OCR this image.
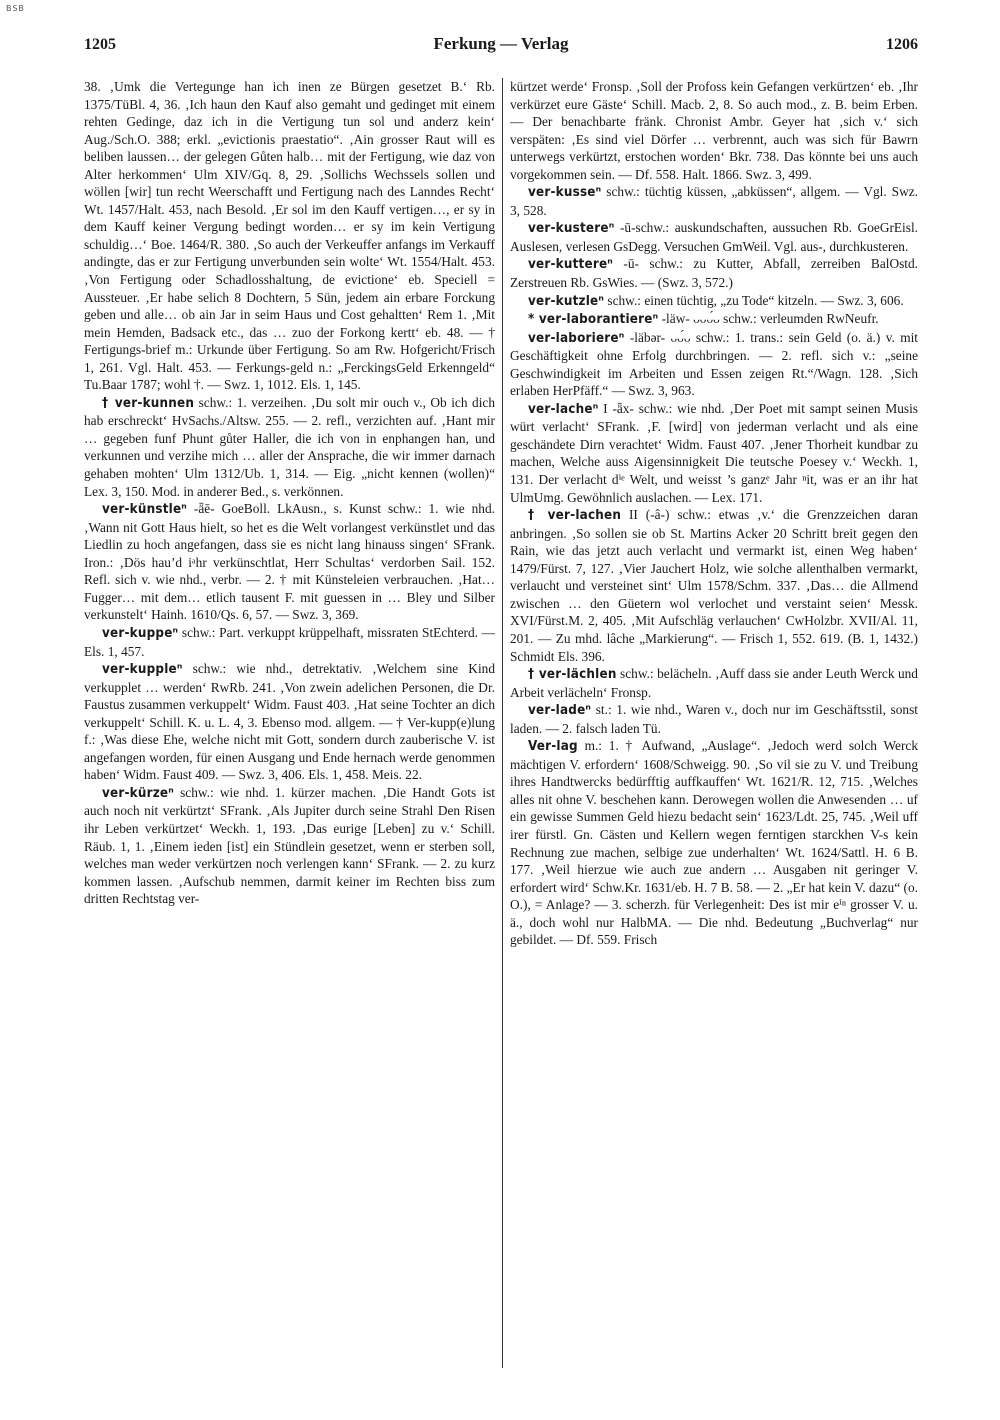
BSB
1205	Ferkung — Verlag	1206

38. ‚Umk die Vertegunge han ich inen ze Bürgen gesetzet B.‘ Rb. 1375/TüBl. 4, 36. ‚Ich haun den Kauf also gemaht und gedinget mit einem rehten Gedinge, daz ich in die Vertigung tun sol und anderz kein‘ Aug./Sch.O. 388; erkl. „evictionis praestatio“. ‚Ain grosser Raut will es beliben laussen… der gelegen Gůten halb… mit der Fertigung, wie daz von Alter herkommen‘ Ulm XIV/Gq. 8, 29. ‚Sollichs Wechssels sollen und wöllen [wir] tun recht Weerschafft und Fertigung nach des Lanndes Recht‘ Wt. 1457/Halt. 453, nach Besold. ‚Er sol im den Kauff vertigen…, er sy in dem Kauff keiner Vergung bedingt worden… er sy im kein Vertigung schuldig…‘ Boe. 1464/R. 380. ‚So auch der Verkeuffer anfangs im Verkauff andingte, das er zur Fertigung unverbunden sein wolte‘ Wt. 1554/Halt. 453. ‚Von Fertigung oder Schadlosshaltung, de evictione‘ eb. Speciell = Aussteuer. ‚Er habe selich 8 Dochtern, 5 Sün, jedem ain erbare Forckung geben und alle… ob ain Jar in seim Haus und Cost gehaltten‘ Rem 1. ‚Mit mein Hemden, Badsack etc., das … zuo der Forkong kertt‘ eb. 48. — † Fertigungs-brief m.: Urkunde über Fertigung. So am Rw. Hofgericht/Frisch 1, 261. Vgl. Halt. 453. — Ferkungs-geld n.: „FerckingsGeld Erkenngeld“ Tu.Baar 1787; wohl †. — Swz. 1, 1012. Els. 1, 145.

† ver-kunnen schw.: 1. verzeihen. ‚Du solt mir ouch v., Ob ich dich hab erschreckt‘ HvSachs./Altsw. 255. — 2. refl., verzichten auf. ‚Hant mir … gegeben funf Phunt gůter Haller, die ich von in enphangen han, und verkunnen und verzihe mich … aller der Ansprache, die wir immer darnach gehaben mohten‘ Ulm 1312/Ub. 1, 314. — Eig. „nicht kennen (wollen)“ Lex. 3, 150. Mod. in anderer Bed., s. verkönnen.

ver-künstleⁿ -ǟē- GoeBoll. LkAusn., s. Kunst schw.: 1. wie nhd. ‚Wann nit Gott Haus hielt, so het es die Welt vorlangest verkünstlet und das Liedlin zu hoch angefangen, dass sie es nicht lang hinauss singen‘ SFrank. Iron.: ‚Dös hau’d iᵃhr verkünschtlat, Herr Schultas‘ verdorben Sail. 152. Refl. sich v. wie nhd., verbr. — 2. † mit Künsteleien verbrauchen. ‚Hat… Fugger… mit dem… etlich tausent F. mit guessen in … Bley und Silber verkunstelt‘ Hainh. 1610/Qs. 6, 57. — Swz. 3, 369.

ver-kuppeⁿ schw.: Part. verkuppt krüppelhaft, missraten StEchterd. — Els. 1, 457.

ver-kuppleⁿ schw.: wie nhd., detrektativ. ‚Welchem sine Kind verkupplet … werden‘ RwRb. 241. ‚Von zwein adelichen Personen, die Dr. Faustus zusammen verkuppelt‘ Widm. Faust 403. ‚Hat seine Tochter an dich verkuppelt‘ Schill. K. u. L. 4, 3. Ebenso mod. allgem. — † Ver-kupp(e)lung f.: ‚Was diese Ehe, welche nicht mit Gott, sondern durch zauberische V. ist angefangen worden, für einen Ausgang und Ende hernach werde genommen haben‘ Widm. Faust 409. — Swz. 3, 406. Els. 1, 458. Meis. 22.

ver-kürzeⁿ schw.: wie nhd. 1. kürzer machen. ‚Die Handt Gots ist auch noch nit verkürtzt‘ SFrank. ‚Als Jupiter durch seine Strahl Den Risen ihr Leben verkürtzet‘ Weckh. 1, 193. ‚Das eurige [Leben] zu v.‘ Schill. Räub. 1, 1. ‚Einem ieden [ist] ein Stündlein gesetzet, wenn er sterben soll, welches man weder verkürtzen noch verlengen kann‘ SFrank. — 2. zu kurz kommen lassen. ‚Aufschub nemmen, darmit keiner im Rechten biss zum dritten Rechtstag ver-

kürtzet werde‘ Fronsp. ‚Soll der Profoss kein Gefangen verkürtzen‘ eb. ‚Ihr verkürzet eure Gäste‘ Schill. Macb. 2, 8. So auch mod., z. B. beim Erben. — Der benachbarte fränk. Chronist Ambr. Geyer hat ‚sich v.‘ sich verspäten: ‚Es sind viel Dörfer … verbrennt, auch was sich für Bawrn unterwegs verkürtzt, erstochen worden‘ Bkr. 738. Das könnte bei uns auch vorgekommen sein. — Df. 558. Halt. 1866. Swz. 3, 499.

ver-kusseⁿ schw.: tüchtig küssen, „abküssen“, allgem. — Vgl. Swz. 3, 528.

ver-kustereⁿ -ū-schw.: auskundschaften, aussuchen Rb. GoeGrEisl. Auslesen, verlesen GsDegg. Versuchen GmWeil. Vgl. aus-, durchkusteren.

ver-kuttereⁿ -ū- schw.: zu Kutter, Abfall, zerreiben BalOstd. Zerstreuen Rb. GsWies. — (Swz. 3, 572.)

ver-kutzleⁿ schw.: einen tüchtig, „zu Tode“ kitzeln. — Swz. 3, 606.

* ver-laborantiereⁿ -läw- ᴗᴗᴗ́ᴗ schw.: verleumden RwNeufr.

ver-laboriereⁿ -läbər- ᴗᴗ́ᴗ schw.: 1. trans.: sein Geld (o. ä.) v. mit Geschäftigkeit ohne Erfolg durchbringen. — 2. refl. sich v.: „seine Geschwindigkeit im Arbeiten und Essen zeigen Rt.“/Wagn. 128. ‚Sich erlaben HerPfäff.“ — Swz. 3, 963.

ver-lacheⁿ I -ǟx- schw.: wie nhd. ‚Der Poet mit sampt seinen Musis würt verlacht‘ SFrank. ‚F. [wird] von jederman verlacht und als eine geschändete Dirn verachtet‘ Widm. Faust 407. ‚Jener Thorheit kundbar zu machen, Welche auss Aigensinnigkeit Die teutsche Poesey v.‘ Weckh. 1, 131. Der verlacht dⁱᵉ Welt, und weisst ’s ganzᵉ Jahr ⁿit, was er an ihr hat UlmUmg. Gewöhnlich auslachen. — Lex. 171.

† ver-lachen II (-â-) schw.: etwas ‚v.‘ die Grenzzeichen daran anbringen. ‚So sollen sie ob St. Martins Acker 20 Schritt breit gegen den Rain, wie das jetzt auch verlacht und vermarkt ist, einen Weg haben‘ 1479/Fürst. 7, 127. ‚Vier Jauchert Holz, wie solche allenthalben vermarkt, verlaucht und versteinet sint‘ Ulm 1578/Schm. 337. ‚Das… die Allmend zwischen … den Güetern wol verlochet und verstaint seien‘ Messk. XVI/Fürst.M. 2, 405. ‚Mit Aufschläg verlauchen‘ CwHolzbr. XVII/Al. 11, 201. — Zu mhd. lâche „Markierung“. — Frisch 1, 552. 619. (B. 1, 1432.) Schmidt Els. 396.

† ver-lächlen schw.: belächeln. ‚Auff dass sie ander Leuth Werck und Arbeit verlächeln‘ Fronsp.

ver-ladeⁿ st.: 1. wie nhd., Waren v., doch nur im Geschäftsstil, sonst laden. — 2. falsch laden Tü.

Ver-lag m.: 1. † Aufwand, „Auslage“. ‚Jedoch werd solch Werck mächtigen V. erfordern‘ 1608/Schweigg. 90. ‚So vil sie zu V. und Treibung ihres Handtwercks bedürfftig auffkauffen‘ Wt. 1621/R. 12, 715. ‚Welches alles nit ohne V. beschehen kann. Derowegen wollen die Anwesenden … uf ein gewisse Summen Geld hiezu bedacht sein‘ 1623/Ldt. 25, 745. ‚Weil uff irer fürstl. Gn. Cästen und Kellern wegen ferntigen starckhen V-s kein Rechnung zue machen, selbige zue underhalten‘ Wt. 1624/Sattl. H. 6 B. 177. ‚Weil hierzue wie auch zue andern … Ausgaben nit geringer V. erfordert wird‘ Schw.Kr. 1631/eb. H. 7 B. 58. — 2. „Er hat kein V. dazu“ (o. O.), = Anlage? — 3. scherzh. für Verlegenheit: Des ist mir eⁱⁿ grosser V. u. ä., doch wohl nur HalbMA. — Die nhd. Bedeutung „Buchverlag“ nur gebildet. — Df. 559. Frisch
